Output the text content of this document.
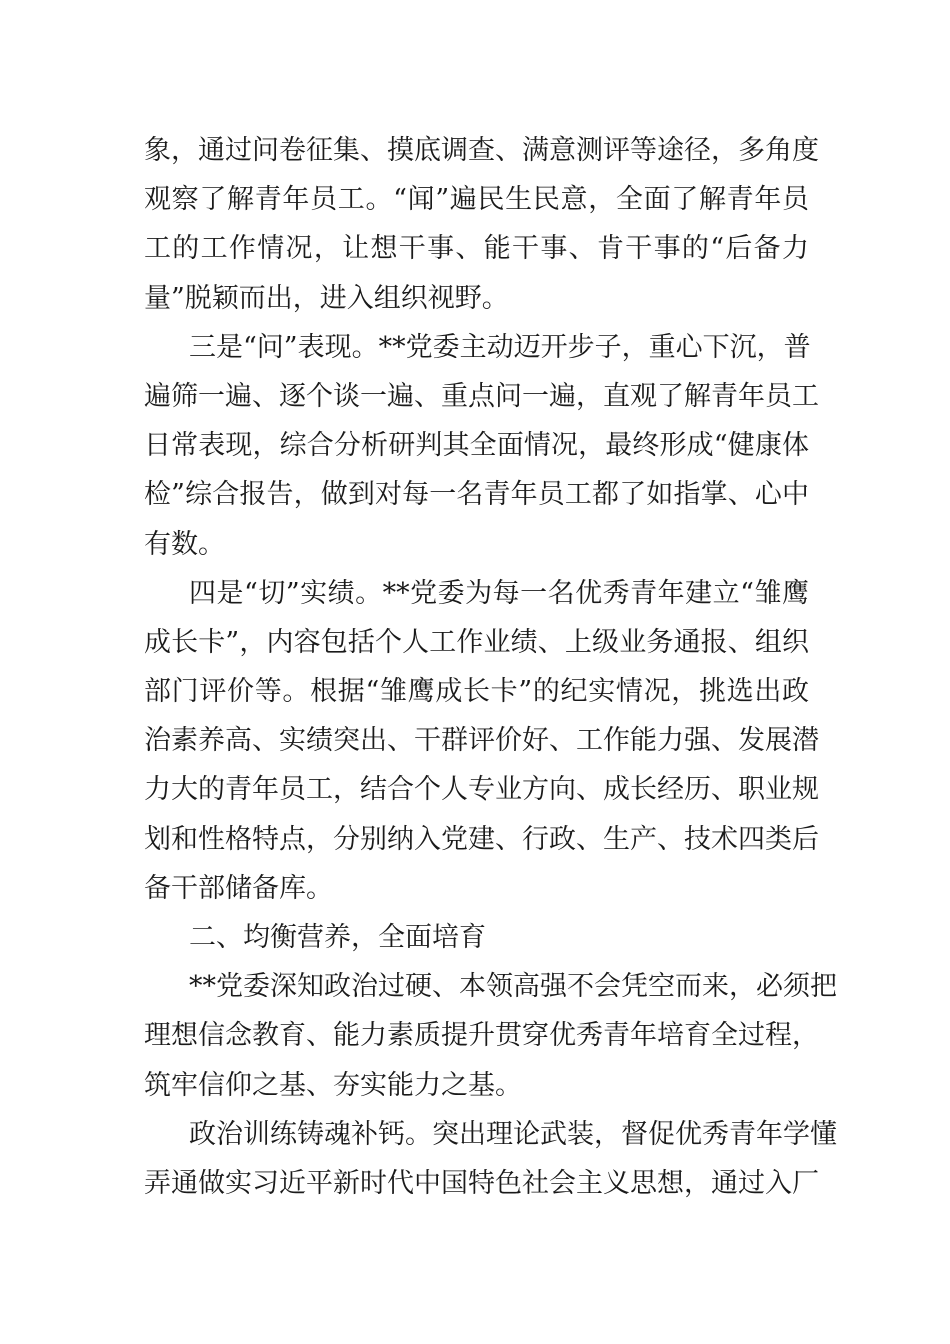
象，通过问卷征集、摸底调查、满意测评等途径，多角度
观察了解青年员工。“闻”遍民生民意，全面了解青年员
工的工作情况，让想干事、能干事、肯干事的“后备力
量”脱颖而出，进入组织视野。
三是“问”表现。**党委主动迈开步子，重心下沉，普
遍筛一遍、逐个谈一遍、重点问一遍，直观了解青年员工
日常表现，综合分析研判其全面情况，最终形成“健康体
检”综合报告，做到对每一名青年员工都了如指掌、心中
有数。
四是“切”实绩。**党委为每一名优秀青年建立“雏鹰
成长卡”，内容包括个人工作业绩、上级业务通报、组织
部门评价等。根据“雏鹰成长卡”的纪实情况，挑选出政
治素养高、实绩突出、干群评价好、工作能力强、发展潜
力大的青年员工，结合个人专业方向、成长经历、职业规
划和性格特点，分别纳入党建、行政、生产、技术四类后
备干部储备库。
二、均衡营养，全面培育
**党委深知政治过硬、本领高强不会凭空而来，必须把
理想信念教育、能力素质提升贯穿优秀青年培育全过程，
筑牢信仰之基、夯实能力之基。
政治训练铸魂补钙。突出理论武装，督促优秀青年学懂
弄通做实习近平新时代中国特色社会主义思想，通过入厂
